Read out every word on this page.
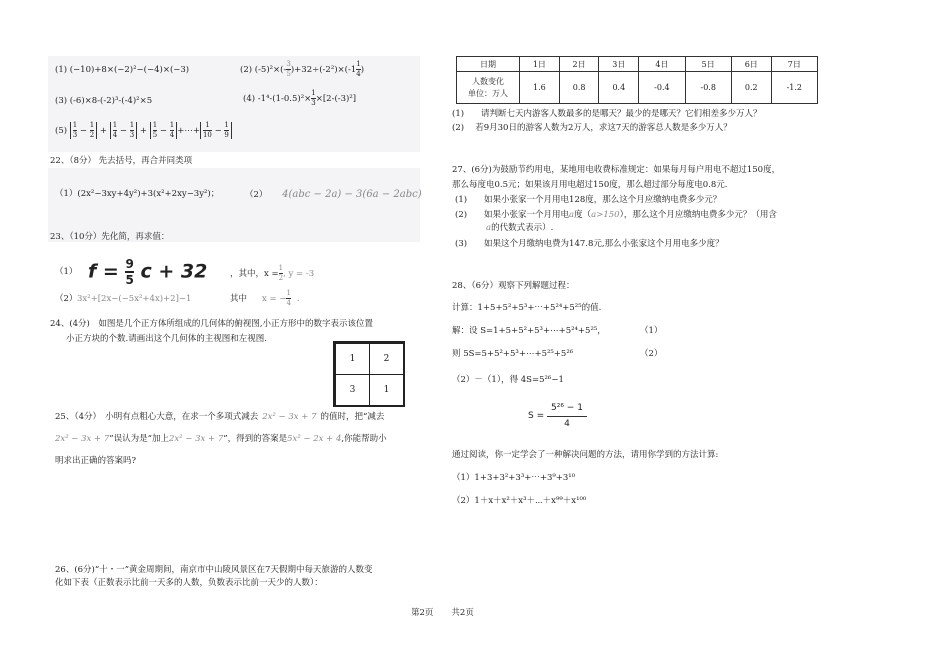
(1) (−10)+8×(−2)²−(−4)×(−3)	(2) $(-5)^2\times(- \frac{3}{5} )+32\div(-2^2)\times(-1 \frac{1}{4}$ )
(3) (-6)×8-(-2)³-(-4)²×5	(4) $-1^4-(1-0.5)^2\times \frac{1}{3} \times[2-(-3)^2]$
$(5) \frac{1}{3} - \frac{1}{2} + \frac{1}{4} - \frac{1}{3} + \frac{1}{5} - \frac{1}{4}$ +⋯+ $\frac{1}{10} - \frac{1}{9}$
22、（8分） 先去括号，再合并同类项
（1）(2x²−3xy+4y²)+3(x²+2xy−3y²)；	（2） 4(abc − 2a) − 3(6a − 2abc)
23、（10分）先化简，再求值：
（1） $f = \frac{9}{5}$ c + 32	，其中，$x = \frac{1}{2}$ , y = -3
（2） 3x²+[2x−(−5x²+4x)+2]−1	其中 x = − $\frac{1}{4}$ .
24、(4分)　如图是几个正方体所组成的几何体的俯视图,小正方形中的数字表示该位置
小正方块的个数.请画出这个几何体的主视图和左视图.
1	2
3	1
25、（4分）　小明有点粗心大意，在求一个多项式减去 2x² − 3x + 7 的值时，把“减去
2x² − 3x + 7”误认为是“加上2x² − 3x + 7”，得到的答案是5x² − 2x + 4,你能帮助小
明求出正确的答案吗?
26、(6分)“十・一”黄金周期间，南京市中山陵风景区在7天假期中每天旅游的人数变
化如下表（正数表示比前一天多的人数，负数表示比前一天少的人数）：
日期	1日	2日	3日	4日	5日	6日	7日

人数变化
单位：万人	1.6	0.8	0.4	-0.4	-0.8	0.2	-1.2
(1)　　请判断七天内游客人数最多的是哪天？最少的是哪天？它们相差多少万人？
(2)　 若9月30日的游客人数为2万人，求这7天的游客总人数是多少万人？
27、(6分)为鼓励节约用电，某地用电收费标准规定：如果每月每户用电不超过150度，
那么每度电0.5元；如果该月用电超过150度，那么超过部分每度电0.8元.
(1)　　如果小张家一个月用电128度，那么这个月应缴纳电费多少元？
(2)　　如果小张家一个月用电a度（a>150），那么这个月应缴纳电费多少元？（用含
a的代数式表示）.
(3)　　如果这个月缴纳电费为147.8元,那么小张家这个月用电多少度？
28、（6分）观察下列解题过程：
计算：1+5+5²+5³+⋯+5²⁴+5²⁵的值.
解：设 S=1+5+5²+5³+⋯+5²⁴+5²⁵，	（1）
则 5S=5+5²+5³+⋯+5²⁵+5²⁶	（2）
（2）－（1），得 4S=5²⁶−1
$S = \frac{\text{5²⁶ − 1}}{4}$
通过阅读，你一定学会了一种解决问题的方法，请用你学到的方法计算:
（1）1+3+3²+3³+⋯+3⁹+3¹⁰
（2）1＋x＋x²＋x³＋⋯＋x⁹⁹＋x¹⁰⁰
第2页 共2页
